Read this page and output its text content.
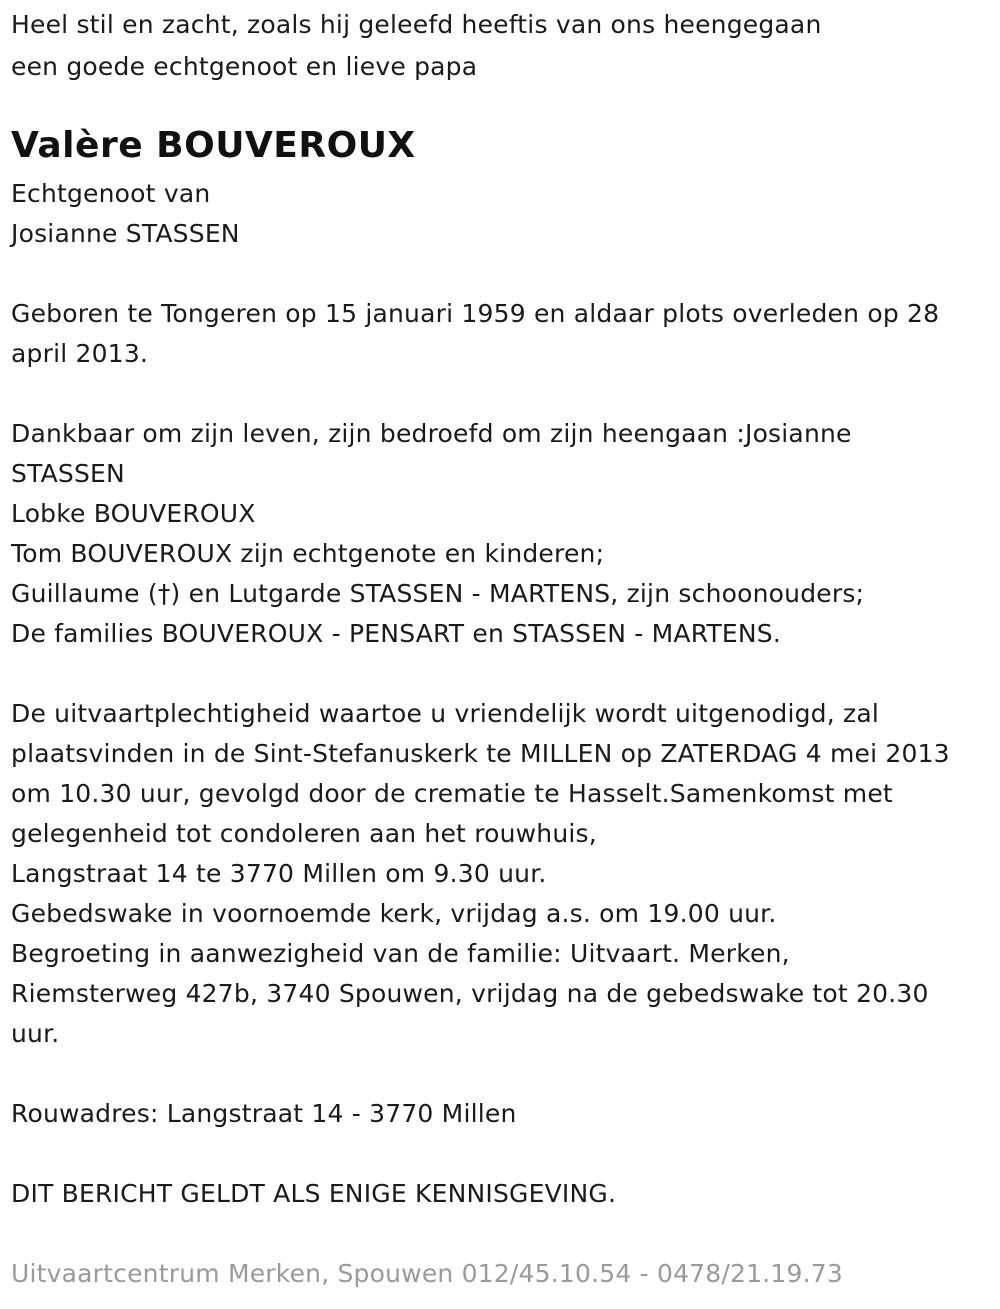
Heel stil en zacht, zoals hij geleefd heeftis van ons heengegaan
een goede echtgenoot en lieve papa
Valère BOUVEROUX
Echtgenoot van
Josianne STASSEN
Geboren te Tongeren op 15 januari 1959 en aldaar plots overleden op 28
april 2013.
Dankbaar om zijn leven, zijn bedroefd om zijn heengaan :Josianne
STASSEN
Lobke BOUVEROUX
Tom BOUVEROUX zijn echtgenote en kinderen;
Guillaume (†) en Lutgarde STASSEN - MARTENS, zijn schoonouders;
De families BOUVEROUX - PENSART en STASSEN - MARTENS.
De uitvaartplechtigheid waartoe u vriendelijk wordt uitgenodigd, zal
plaatsvinden in de Sint-Stefanuskerk te MILLEN op ZATERDAG 4 mei 2013
om 10.30 uur, gevolgd door de crematie te Hasselt.Samenkomst met
gelegenheid tot condoleren aan het rouwhuis,
Langstraat 14 te 3770 Millen om 9.30 uur.
Gebedswake in voornoemde kerk, vrijdag a.s. om 19.00 uur.
Begroeting in aanwezigheid van de familie: Uitvaart. Merken,
Riemsterweg 427b, 3740 Spouwen, vrijdag na de gebedswake tot 20.30
uur.
Rouwadres: Langstraat 14 - 3770 Millen
DIT BERICHT GELDT ALS ENIGE KENNISGEVING.
Uitvaartcentrum Merken, Spouwen 012/45.10.54 - 0478/21.19.73
